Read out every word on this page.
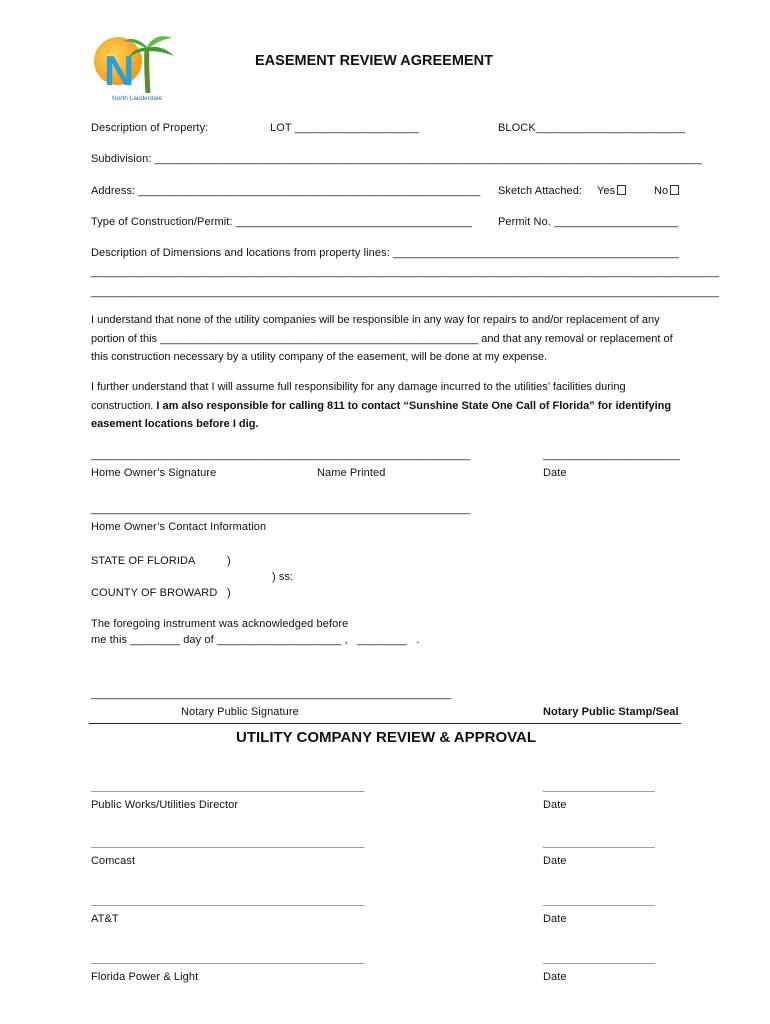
N
North Lauderdale
EASEMENT REVIEW AGREEMENT
Description of Property:	LOT ____________________	BLOCK________________________
Subdivision: ________________________________________________________________________________________
Address: _______________________________________________________ Sketch Attached: Yes	No
Type of Construction/Permit: ______________________________________ Permit No. ____________________
Description of Dimensions and locations from property lines: ______________________________________________
_____________________________________________________________________________________________________
_____________________________________________________________________________________________________
I understand that none of the utility companies will be responsible in any way for repairs to and/or replacement of any portion of this ____________________________________________________ and that any removal or replacement of this construction necessary by a utility company of the easement, will be done at my expense.
I further understand that I will assume full responsibility for any damage incurred to the utilities’ facilities during construction. I am also responsible for calling 811 to contact “Sunshine State One Call of Florida” for identifying easement locations before I dig.
_____________________________________________________________	______________________
Home Owner’s Signature	Name Printed	Date
_____________________________________________________________
Home Owner’s Contact Information
STATE OF FLORIDA	)
) ss:
COUNTY OF BROWARD )
The foregoing instrument was acknowledged before
me this ________ day of ____________________ ,   ________   .
__________________________________________________________
Notary Public Signature	Notary Public Stamp/Seal
UTILITY COMPANY REVIEW & APPROVAL
____________________________________________	__________________
Public Works/Utilities Director	Date
____________________________________________	__________________
Comcast	Date
____________________________________________	__________________
AT&T	Date
____________________________________________	__________________
Florida Power & Light	Date
